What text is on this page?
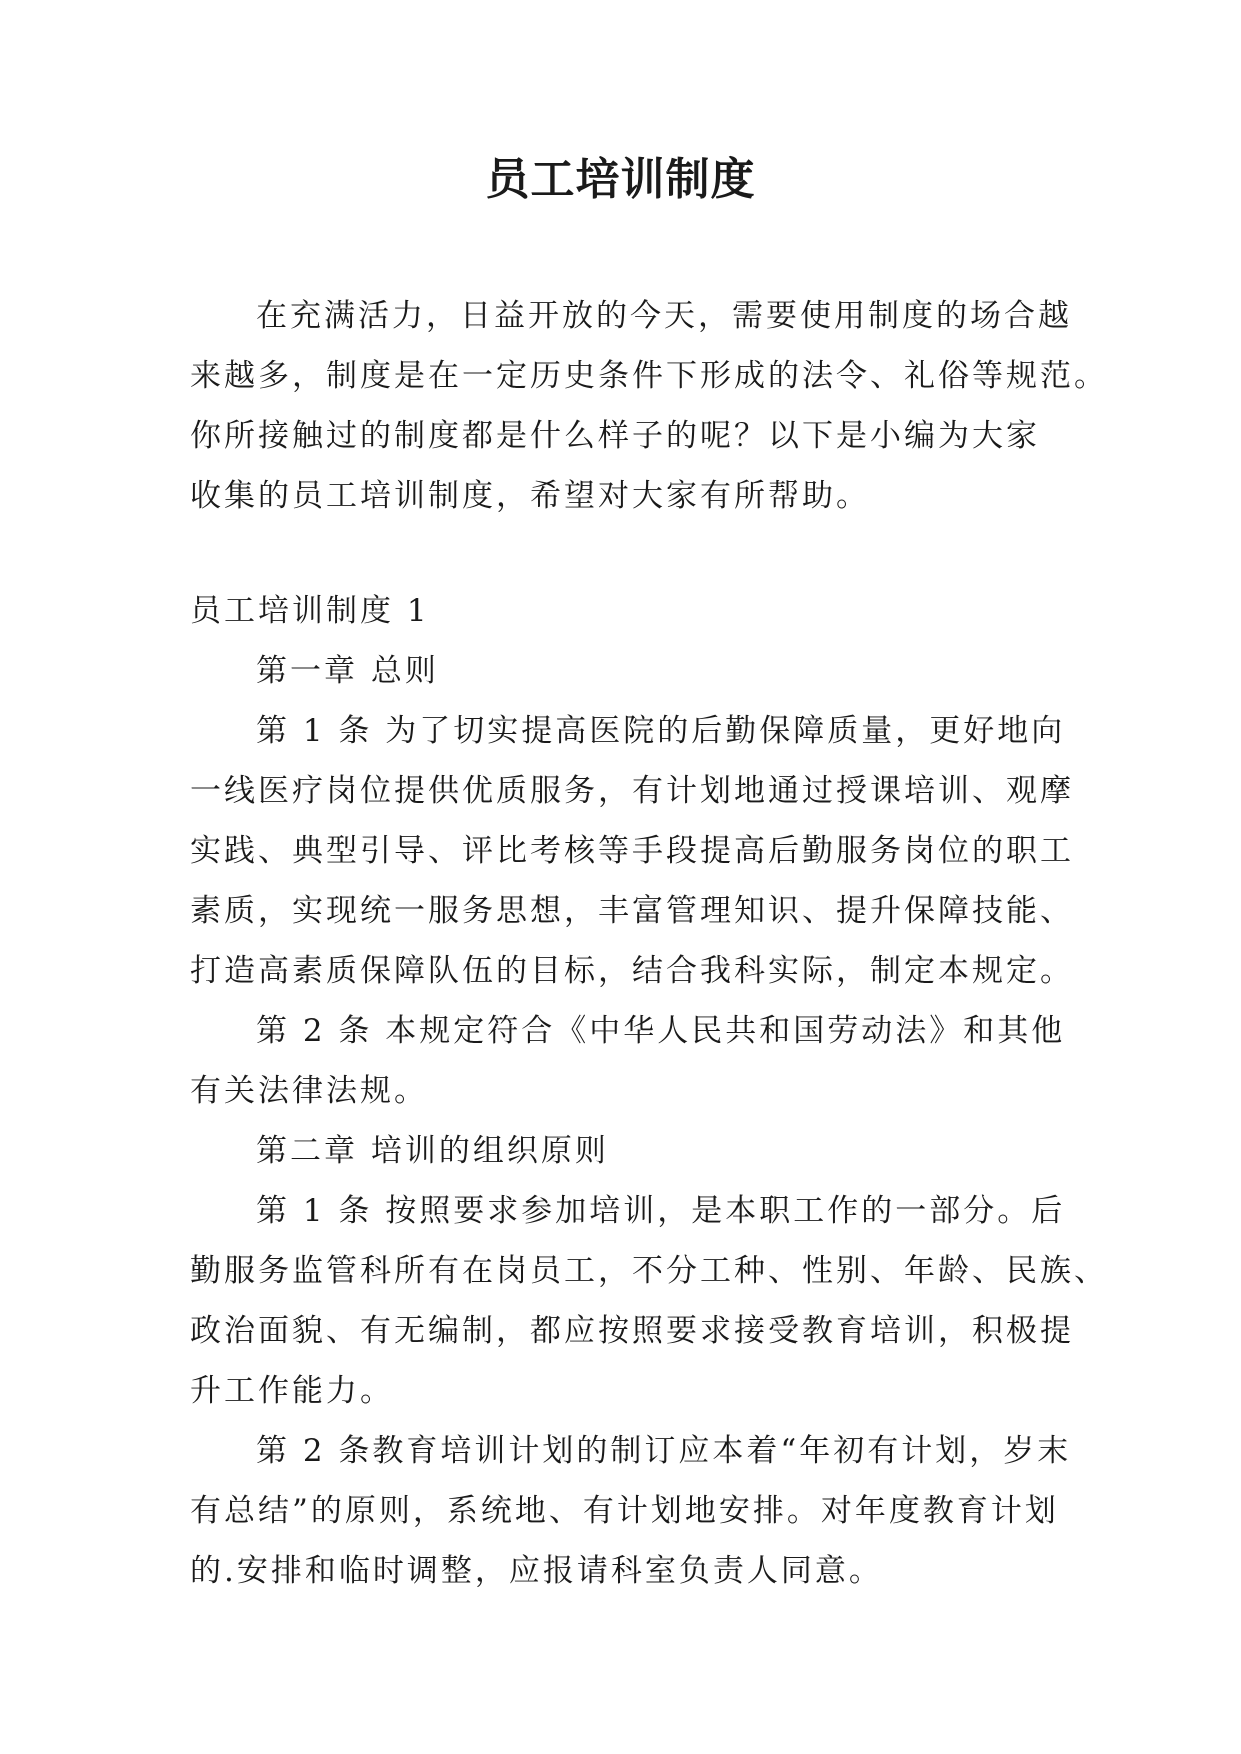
员工培训制度
在充满活力，日益开放的今天，需要使用制度的场合越
来越多，制度是在一定历史条件下形成的法令、礼俗等规范。
你所接触过的制度都是什么样子的呢？以下是小编为大家
收集的员工培训制度，希望对大家有所帮助。
员工培训制度 1
第一章 总则
第 1 条 为了切实提高医院的后勤保障质量，更好地向
一线医疗岗位提供优质服务，有计划地通过授课培训、观摩
实践、典型引导、评比考核等手段提高后勤服务岗位的职工
素质，实现统一服务思想，丰富管理知识、提升保障技能、
打造高素质保障队伍的目标，结合我科实际，制定本规定。
第 2 条 本规定符合《中华人民共和国劳动法》和其他
有关法律法规。
第二章 培训的组织原则
第 1 条 按照要求参加培训，是本职工作的一部分。后
勤服务监管科所有在岗员工，不分工种、性别、年龄、民族、
政治面貌、有无编制，都应按照要求接受教育培训，积极提
升工作能力。
第 2 条教育培训计划的制订应本着“年初有计划，岁末
有总结”的原则，系统地、有计划地安排。对年度教育计划
的.安排和临时调整，应报请科室负责人同意。
